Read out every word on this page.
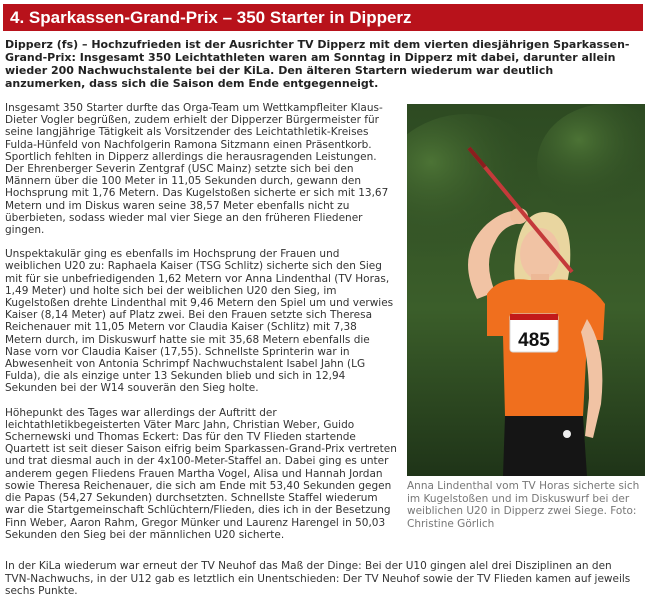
4. Sparkassen-Grand-Prix – 350 Starter in Dipperz
Dipperz (fs) – Hochzufrieden ist der Ausrichter TV Dipperz mit dem vierten diesjährigen Sparkassen-Grand-Prix: Insgesamt 350 Leichtathleten waren am Sonntag in Dipperz mit dabei, darunter allein wieder 200 Nachwuchstalente bei der KiLa. Den älteren Startern wiederum war deutlich anzumerken, dass sich die Saison dem Ende entgegenneigt.

Insgesamt 350 Starter durfte das Orga-Team um Wettkampfleiter Klaus-Dieter Vogler begrüßen, zudem erhielt der Dipperzer Bürgermeister für seine langjährige Tätigkeit als Vorsitzender des Leichtathletik-Kreises Fulda-Hünfeld von Nachfolgerin Ramona Sitzmann einen Präsentkorb. Sportlich fehlten in Dipperz allerdings die herausragenden Leistungen. Der Ehrenberger Severin Zentgraf (USC Mainz) setzte sich bei den Männern über die 100 Meter in 11,05 Sekunden durch, gewann den Hochsprung mit 1,76 Metern. Das Kugelstoßen sicherte er sich mit 13,67 Metern und im Diskus waren seine 38,57 Meter ebenfalls nicht zu überbieten, sodass wieder mal vier Siege an den früheren Fliedener gingen.

Unspektakulär ging es ebenfalls im Hochsprung der Frauen und weiblichen U20 zu: Raphaela Kaiser (TSG Schlitz) sicherte sich den Sieg mit für sie unbefriedigenden 1,62 Metern vor Anna Lindenthal (TV Horas, 1,49 Meter) und holte sich bei der weiblichen U20 den Sieg, im Kugelstoßen drehte Lindenthal mit 9,46 Metern den Spiel um und verwies Kaiser (8,14 Meter) auf Platz zwei. Bei den Frauen setzte sich Theresa Reichenauer mit 11,05 Metern vor Claudia Kaiser (Schlitz) mit 7,38 Metern durch, im Diskuswurf hatte sie mit 35,68 Metern ebenfalls die Nase vorn vor Claudia Kaiser (17,55). Schnellste Sprinterin war in Abwesenheit von Antonia Schrimpf Nachwuchstalent Isabel Jahn (LG Fulda), die als einzige unter 13 Sekunden blieb und sich in 12,94 Sekunden bei der W14 souverän den Sieg holte.

Höhepunkt des Tages war allerdings der Auftritt der leichtathletikbegeisterten Väter Marc Jahn, Christian Weber, Guido Schernewski und Thomas Eckert: Das für den TV Flieden startende Quartett ist seit dieser Saison eifrig beim Sparkassen-Grand-Prix vertreten und trat diesmal auch in der 4x100-Meter-Staffel an. Dabei ging es unter anderem gegen Fliedens Frauen Martha Vogel, Alisa und Hannah Jordan sowie Theresa Reichenauer, die sich am Ende mit 53,40 Sekunden gegen die Papas (54,27 Sekunden) durchsetzten. Schnellste Staffel wiederum war die Startgemeinschaft Schlüchtern/Flieden, dies ich in der Besetzung Finn Weber, Aaron Rahm, Gregor Münker und Laurenz Harengel in 50,03 Sekunden den Sieg bei der männlichen U20 sicherte.

485
Anna Lindenthal vom TV Horas sicherte sich im Kugelstoßen und im Diskuswurf bei der weiblichen U20 in Dipperz zwei Siege. Foto: Christine Görlich

In der KiLa wiederum war erneut der TV Neuhof das Maß der Dinge: Bei der U10 gingen alel drei Disziplinen an den TVN-Nachwuchs, in der U12 gab es letztlich ein Unentschieden: Der TV Neuhof sowie der TV Flieden kamen auf jeweils sechs Punkte.
